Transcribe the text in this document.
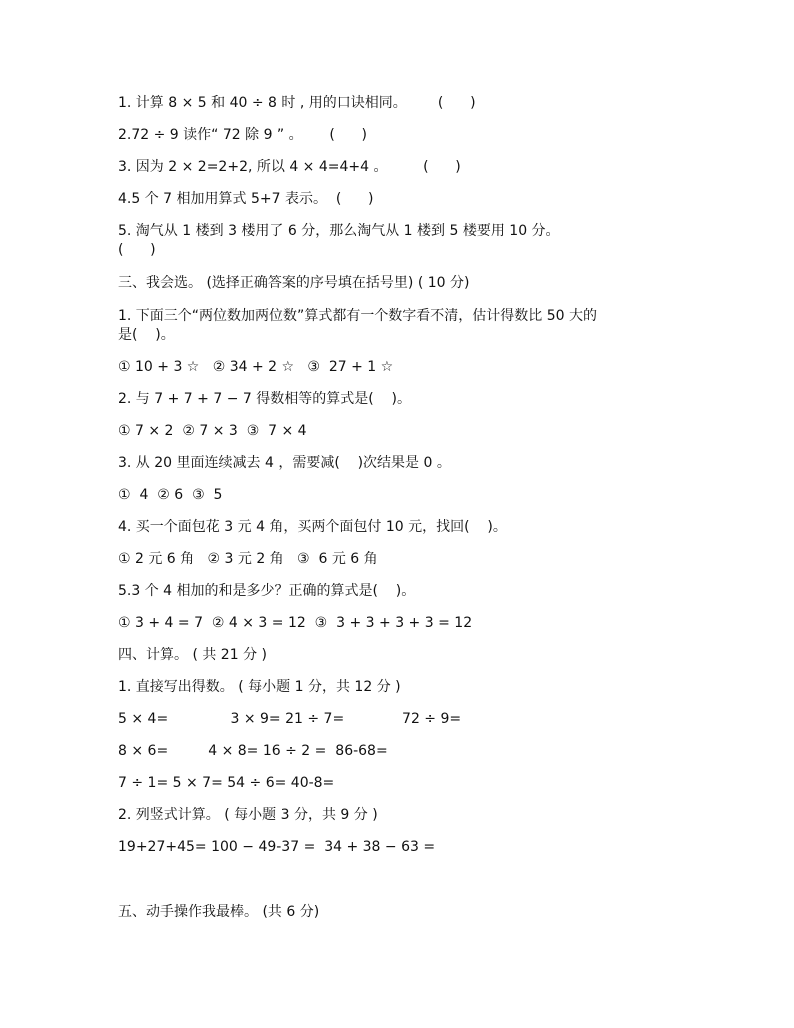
1. 计算 8 × 5 和 40 ÷ 8 时 , 用的口诀相同。       (      )
2.72 ÷ 9 读作“ 72 除 9 ” 。      (      )
3. 因为 2 × 2=2+2, 所以 4 × 4=4+4 。        (      )
4.5 个 7 相加用算式 5+7 表示。  (      )
5. 淘气从 1 楼到 3 楼用了 6 分，那么淘气从 1 楼到 5 楼要用 10 分。
(      )
三、我会选。 (选择正确答案的序号填在括号里) ( 10 分)
1. 下面三个“两位数加两位数”算式都有一个数字看不清，估计得数比 50 大的
是(    )。
① 10 + 3 ☆   ② 34 + 2 ☆   ③  27 + 1 ☆
2. 与 7 + 7 + 7 − 7 得数相等的算式是(    )。
① 7 × 2  ② 7 × 3  ③  7 × 4
3. 从 20 里面连续减去 4 ，需要减(    )次结果是 0 。
①  4  ② 6  ③  5
4. 买一个面包花 3 元 4 角，买两个面包付 10 元，找回(    )。
① 2 元 6 角   ② 3 元 2 角   ③  6 元 6 角
5.3 个 4 相加的和是多少？正确的算式是(    )。
① 3 + 4 = 7  ② 4 × 3 = 12  ③  3 + 3 + 3 + 3 = 12
四、计算。 ( 共 21 分 )
1. 直接写出得数。 ( 每小题 1 分，共 12 分 )
5 × 4=              3 × 9= 21 ÷ 7=             72 ÷ 9=
8 × 6=         4 × 8= 16 ÷ 2 =  86-68=
7 ÷ 1= 5 × 7= 54 ÷ 6= 40-8=
2. 列竖式计算。 ( 每小题 3 分，共 9 分 )
19+27+45= 100 − 49-37 =  34 + 38 − 63 =
五、动手操作我最棒。 (共 6 分)
